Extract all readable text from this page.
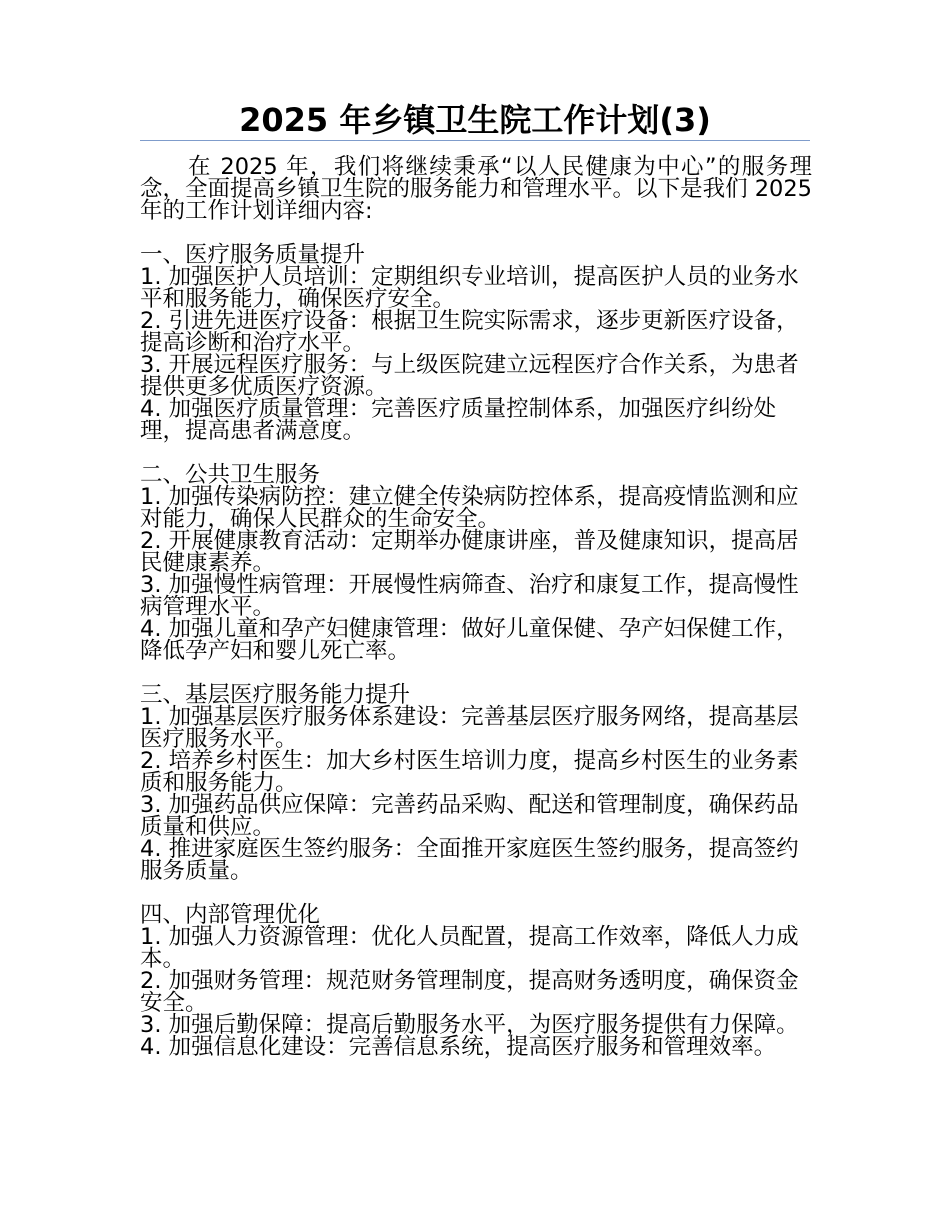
2025 年乡镇卫生院工作计划(3)

在 2025 年，我们将继续秉承“以人民健康为中心”的服务理念，全面提高乡镇卫生院的服务能力和管理水平。以下是我们 2025 年的工作计划详细内容:

一、医疗服务质量提升

1. 加强医护人员培训：定期组织专业培训，提高医护人员的业务水平和服务能力，确保医疗安全。

2. 引进先进医疗设备：根据卫生院实际需求，逐步更新医疗设备，提高诊断和治疗水平。

3. 开展远程医疗服务：与上级医院建立远程医疗合作关系，为患者提供更多优质医疗资源。

4. 加强医疗质量管理：完善医疗质量控制体系，加强医疗纠纷处理，提高患者满意度。

二、公共卫生服务

1. 加强传染病防控：建立健全传染病防控体系，提高疫情监测和应对能力，确保人民群众的生命安全。

2. 开展健康教育活动：定期举办健康讲座，普及健康知识，提高居民健康素养。

3. 加强慢性病管理：开展慢性病筛查、治疗和康复工作，提高慢性病管理水平。

4. 加强儿童和孕产妇健康管理：做好儿童保健、孕产妇保健工作，降低孕产妇和婴儿死亡率。

三、基层医疗服务能力提升

1. 加强基层医疗服务体系建设：完善基层医疗服务网络，提高基层医疗服务水平。

2. 培养乡村医生：加大乡村医生培训力度，提高乡村医生的业务素质和服务能力。

3. 加强药品供应保障：完善药品采购、配送和管理制度，确保药品质量和供应。

4. 推进家庭医生签约服务：全面推开家庭医生签约服务，提高签约服务质量。

四、内部管理优化

1. 加强人力资源管理：优化人员配置，提高工作效率，降低人力成本。

2. 加强财务管理：规范财务管理制度，提高财务透明度，确保资金安全。

3. 加强后勤保障：提高后勤服务水平，为医疗服务提供有力保障。

4. 加强信息化建设：完善信息系统，提高医疗服务和管理效率。
